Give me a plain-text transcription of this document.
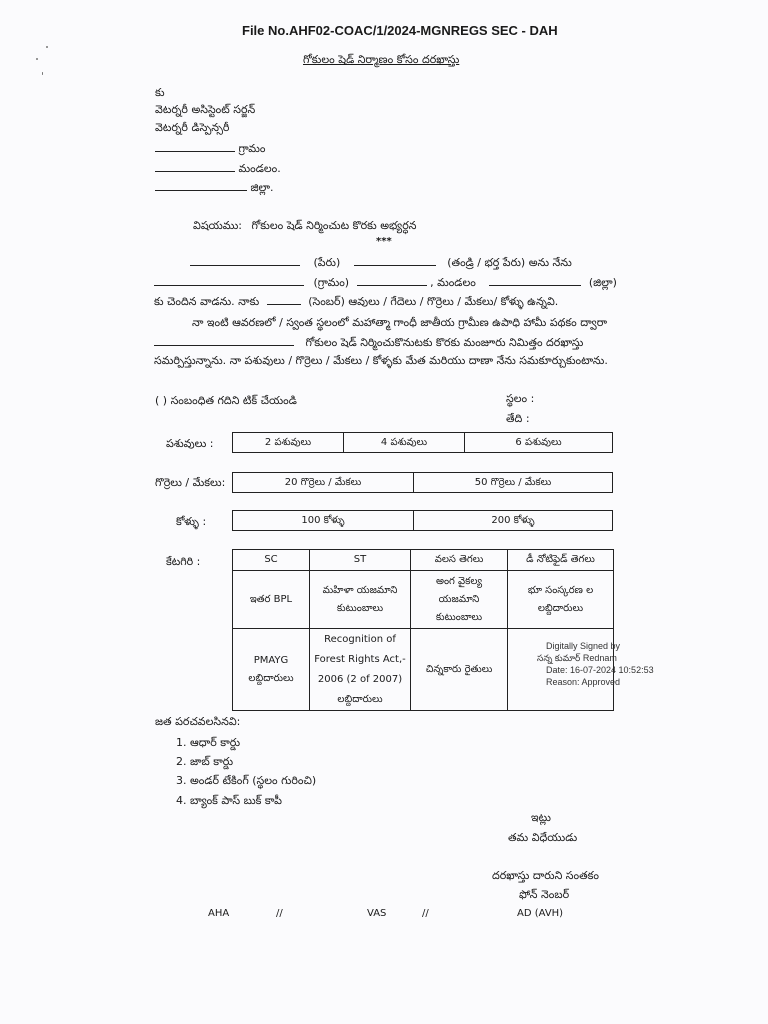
File No.AHF02-COAC/1/2024-MGNREGS SEC - DAH
గోకులం షెడ్ నిర్మాణం కోసం దరఖాస్తు
కు
వెటర్నరీ అసిస్టెంట్ సర్జన్
వెటర్నరీ డిస్పెన్సరీ
గ్రామం
మండలం.
జిల్లా.
విషయము: గోకులం షెడ్ నిర్మించుట కొరకు అభ్యర్ధన
***
(పేరు)	(తండ్రి / భర్త పేరు) అను నేను
(గ్రామం)	, మండలం	(జిల్లా)
కు చెందిన వాడను. నాకు	(సెంబర్) ఆవులు / గేదెలు / గొర్రెలు / మేకలు/ కోళ్ళు ఉన్నవి.
నా ఇంటి ఆవరణలో / స్వంత స్థలంలో మహాత్మా గాంధీ జాతీయ గ్రామీణ ఉపాధి హామీ పథకం ద్వారా
గోకులం షెడ్ నిర్మించుకొనుటకు కొరకు మంజూరు నిమిత్తం దరఖాస్తు
సమర్పిస్తున్నాను. నా పశువులు / గొర్రెలు / మేకలు / కోళ్ళకు మేత మరియు దాణా నేను సమకూర్చుకుంటాను.
( ) సంబంధిత గదిని టిక్ చేయండి	స్థలం :
తేది :
పశువులు :	2 పశువులు	4 పశువులు	6 పశువులు
గొర్రెలు / మేకలు:	20 గొర్రెలు / మేకలు	50 గొర్రెలు / మేకలు
కోళ్ళు :	100 కోళ్ళు	200 కోళ్ళు
కేటగిరి :	SC	ST	వలస తెగలు	డీ నోటిఫైడ్ తెగలు
ఇతర BPL	మహిళా యజమాని కుటుంబాలు	అంగ వైకల్య యజమాని కుటుంబాలు	భూ సంస్కరణ ల లబ్దిదారులు
PMAYG లబ్దిదారులు	Recognition of Forest Rights Act,- 2006 (2 of 2007) లబ్దిదారులు	చిన్నకారు రైతులు	
Digitally Signed by
సన్న కుమార్ Rednam
Date: 16-07-2024 10:52:53
Reason: Approved
జత పరచవలసినవి:
1. ఆధార్ కార్డు
2. జాబ్ కార్డు
3. అండర్ టేకింగ్ (స్థలం గురించి)
4. బ్యాంక్ పాస్ బుక్ కాపీ
ఇట్లు
తమ విధేయుడు
దరఖాస్తు దారుని సంతకం
ఫోన్ నెంబర్
AHA	//	VAS	//	AD (AVH)
